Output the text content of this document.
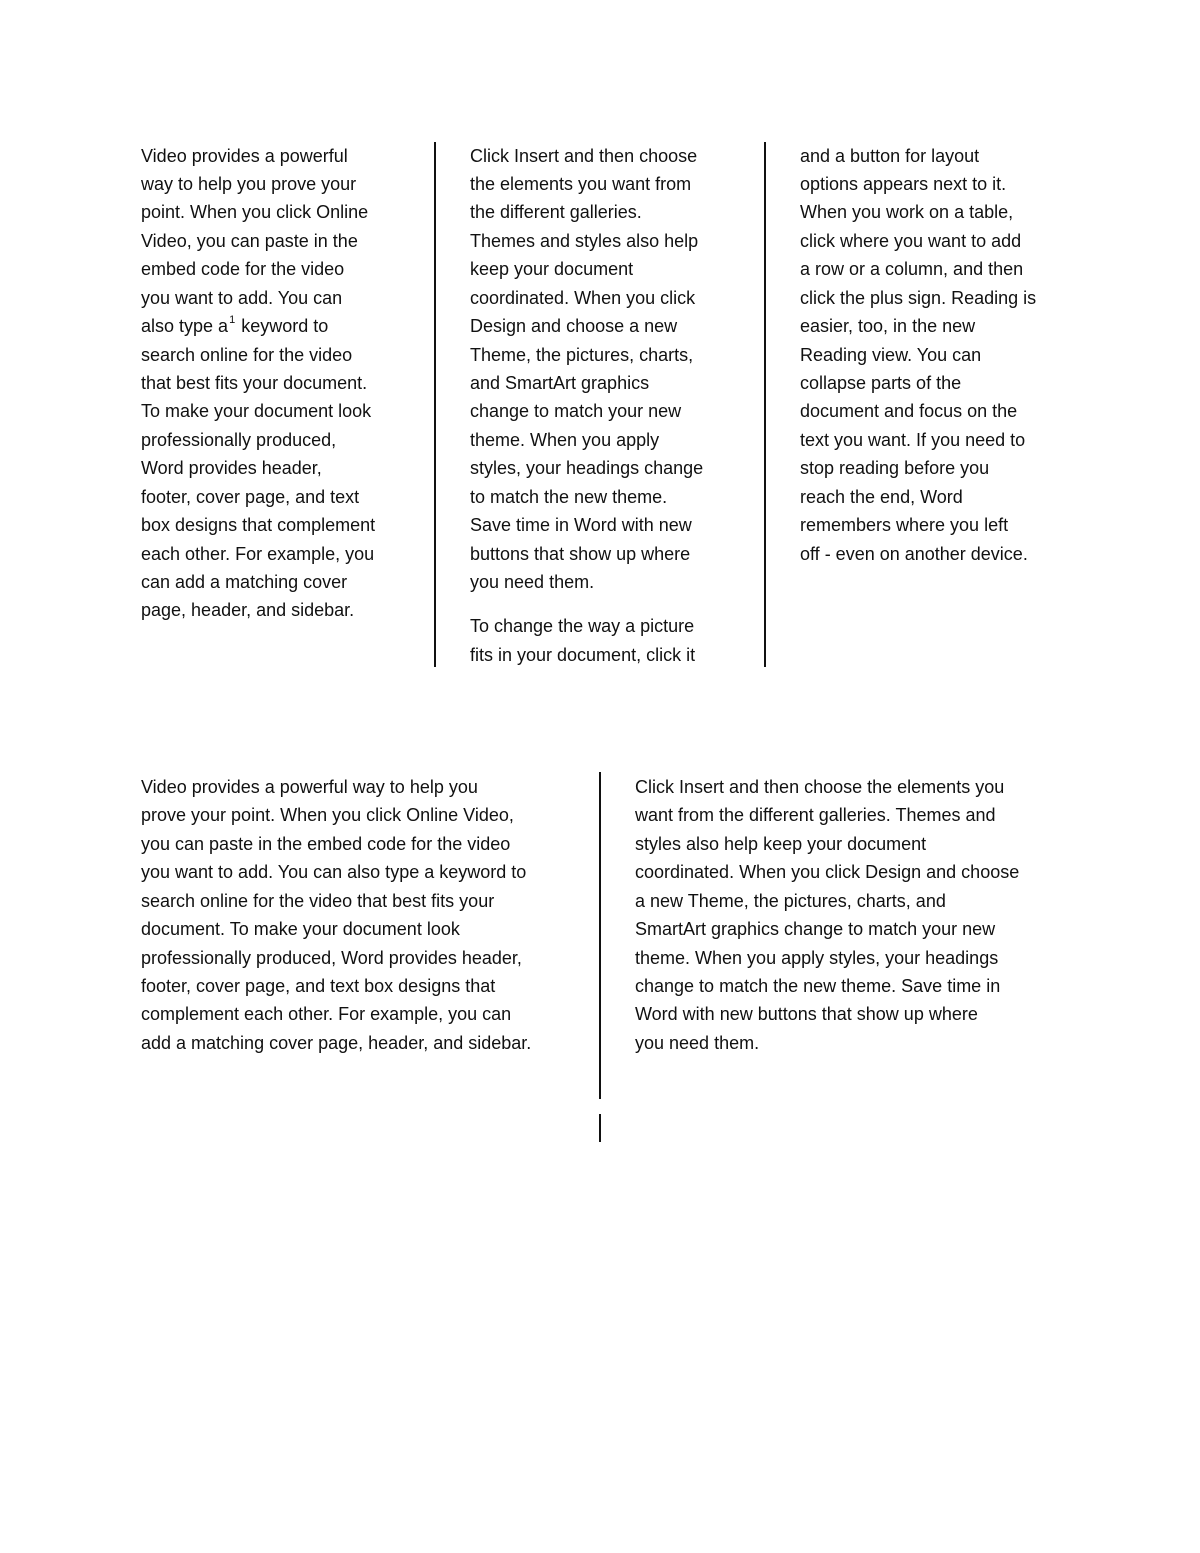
Video provides a powerful
way to help you prove your
point. When you click Online
Video, you can paste in the
embed code for the video
you want to add. You can
also type a$^1$ keyword to
search online for the video
that best fits your document.
To make your document look
professionally produced,
Word provides header,
footer, cover page, and text
box designs that complement
each other. For example, you
can add a matching cover
page, header, and sidebar.
Click Insert and then choose
the elements you want from
the different galleries.
Themes and styles also help
keep your document
coordinated. When you click
Design and choose a new
Theme, the pictures, charts,
and SmartArt graphics
change to match your new
theme. When you apply
styles, your headings change
to match the new theme.
Save time in Word with new
buttons that show up where
you need them.
To change the way a picture
fits in your document, click it
and a button for layout
options appears next to it.
When you work on a table,
click where you want to add
a row or a column, and then
click the plus sign. Reading is
easier, too, in the new
Reading view. You can
collapse parts of the
document and focus on the
text you want. If you need to
stop reading before you
reach the end, Word
remembers where you left
off - even on another device.
Video provides a powerful way to help you
prove your point. When you click Online Video,
you can paste in the embed code for the video
you want to add. You can also type a keyword to
search online for the video that best fits your
document. To make your document look
professionally produced, Word provides header,
footer, cover page, and text box designs that
complement each other. For example, you can
add a matching cover page, header, and sidebar.
Click Insert and then choose the elements you
want from the different galleries. Themes and
styles also help keep your document
coordinated. When you click Design and choose
a new Theme, the pictures, charts, and
SmartArt graphics change to match your new
theme. When you apply styles, your headings
change to match the new theme. Save time in
Word with new buttons that show up where
you need them.
